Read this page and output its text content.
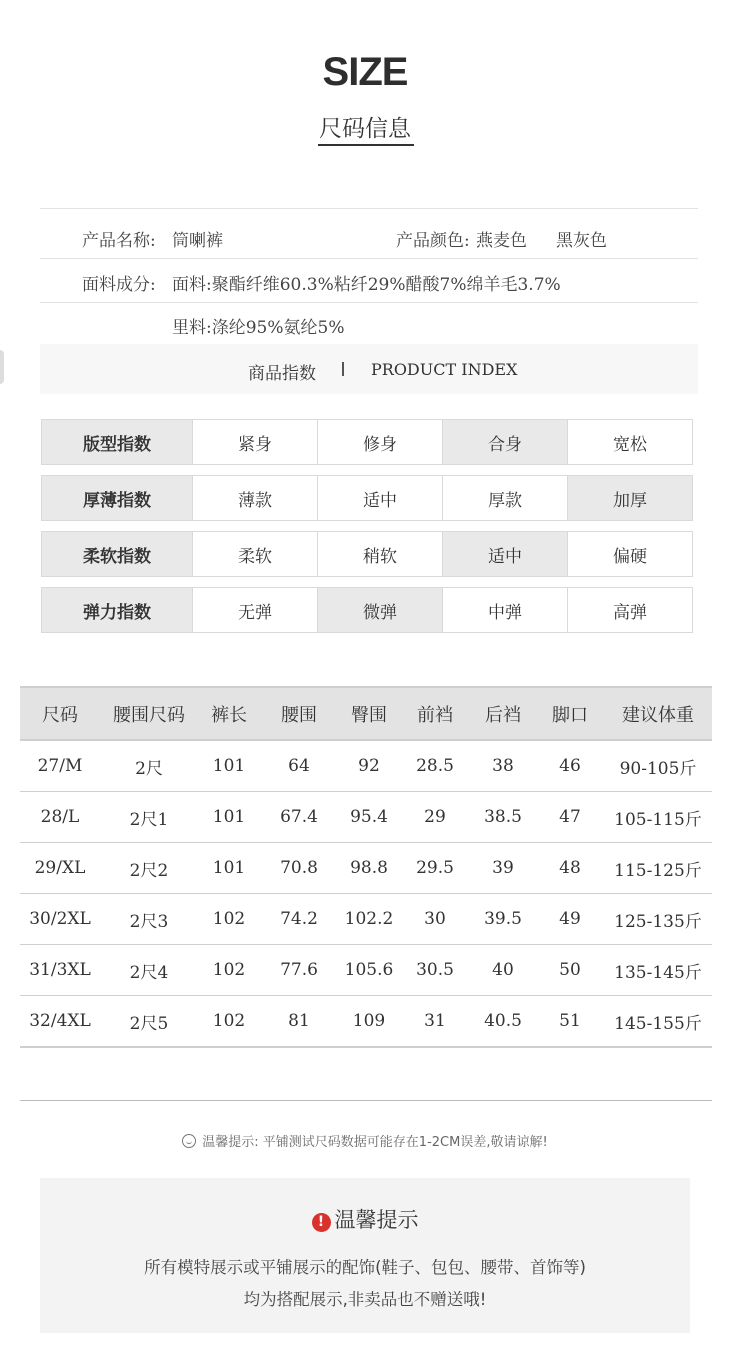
SIZE
尺码信息
产品名称: 筒喇裤	产品颜色: 燕麦色 黑灰色
面料成分: 面料:聚酯纤维60.3%粘纤29%醋酸7%绵羊毛3.7%
里料:涤纶95%氨纶5%
商品指数	PRODUCT INDEX
版型指数	紧身	修身	合身	宽松
厚薄指数	薄款	适中	厚款	加厚
柔软指数	柔软	稍软	适中	偏硬
弹力指数	无弹	微弹	中弹	高弹
尺码	腰围尺码	裤长	腰围	臀围	前裆	后裆	脚口	建议体重
27/M	2尺	101	64	92	28.5	38	46	90-105斤
28/L	2尺1	101	67.4	95.4	29	38.5	47	105-115斤
29/XL	2尺2	101	70.8	98.8	29.5	39	48	115-125斤
30/2XL	2尺3	102	74.2	102.2	30	39.5	49	125-135斤
31/3XL	2尺4	102	77.6	105.6	30.5	40	50	135-145斤
32/4XL	2尺5	102	81	109	31	40.5	51	145-155斤
温馨提示: 平铺测试尺码数据可能存在1-2CM误差,敬请谅解!
! 温馨提示
所有模特展示或平铺展示的配饰(鞋子、包包、腰带、首饰等)
均为搭配展示,非卖品也不赠送哦!
